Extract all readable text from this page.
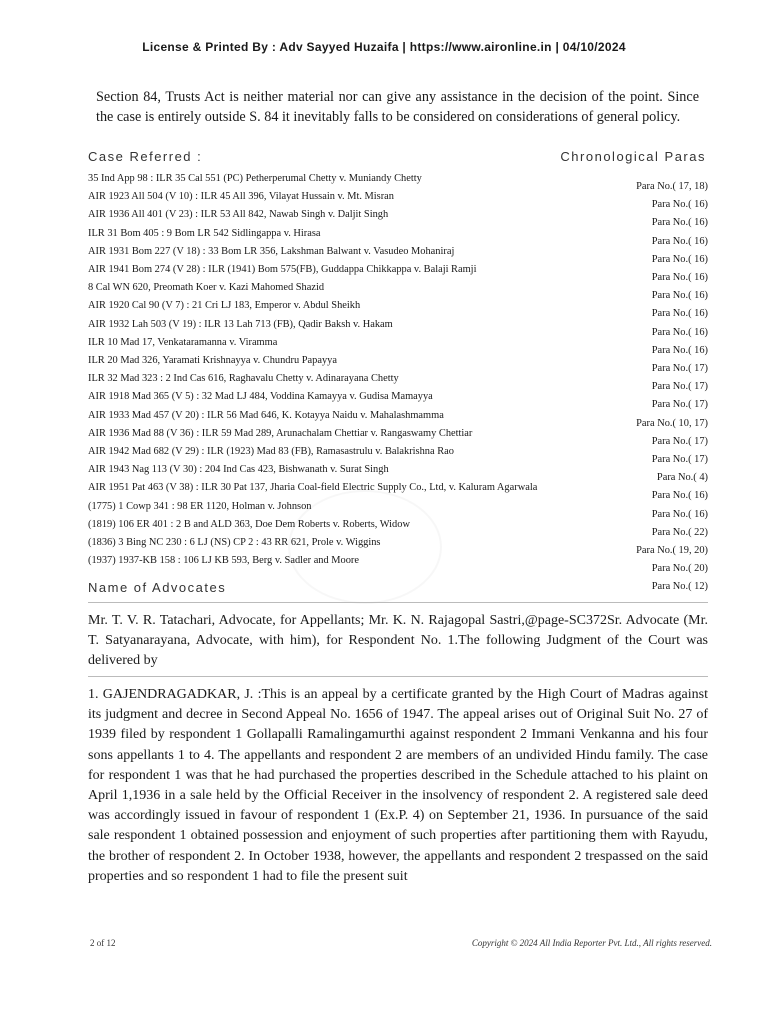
License & Printed By : Adv Sayyed Huzaifa | https://www.aironline.in | 04/10/2024
Section 84, Trusts Act is neither material nor can give any assistance in the decision of the point. Since the case is entirely outside S. 84 it inevitably falls to be considered on considerations of general policy.
Case Referred :	Chronological Paras
35 Ind App 98 : ILR 35 Cal 551 (PC) Petherperumal Chetty v. Muniandy Chetty
AIR 1923 All 504 (V 10) : ILR 45 All 396, Vilayat Hussain v. Mt. Misran
AIR 1936 All 401 (V 23) : ILR 53 All 842, Nawab Singh v. Daljit Singh
ILR 31 Bom 405 : 9 Bom LR 542 Sidlingappa v. Hirasa
AIR 1931 Bom 227 (V 18) : 33 Bom LR 356, Lakshman Balwant v. Vasudeo Mohaniraj
AIR 1941 Bom 274 (V 28) : ILR (1941) Bom 575(FB), Guddappa Chikkappa v. Balaji Ramji
8 Cal WN 620, Preomath Koer v. Kazi Mahomed Shazid
AIR 1920 Cal 90 (V 7) : 21 Cri LJ 183, Emperor v. Abdul Sheikh
AIR 1932 Lah 503 (V 19) : ILR 13 Lah 713 (FB), Qadir Baksh v. Hakam
ILR 10 Mad 17, Venkataramanna v. Viramma
ILR 20 Mad 326, Yaramati Krishnayya v. Chundru Papayya
ILR 32 Mad 323 : 2 Ind Cas 616, Raghavalu Chetty v. Adinarayana Chetty
AIR 1918 Mad 365 (V 5) : 32 Mad LJ 484, Voddina Kamayya v. Gudisa Mamayya
AIR 1933 Mad 457 (V 20) : ILR 56 Mad 646, K. Kotayya Naidu v. Mahalashmamma
AIR 1936 Mad 88 (V 36) : ILR 59 Mad 289, Arunachalam Chettiar v. Rangaswamy Chettiar
AIR 1942 Mad 682 (V 29) : ILR (1923) Mad 83 (FB), Ramasastrulu v. Balakrishna Rao
AIR 1943 Nag 113 (V 30) : 204 Ind Cas 423, Bishwanath v. Surat Singh
AIR 1951 Pat 463 (V 38) : ILR 30 Pat 137, Jharia Coal-field Electric Supply Co., Ltd, v. Kaluram Agarwala
(1775) 1 Cowp 341 : 98 ER 1120, Holman v. Johnson
(1819) 106 ER 401 : 2 B and ALD 363, Doe Dem Roberts v. Roberts, Widow
(1836) 3 Bing NC 230 : 6 LJ (NS) CP 2 : 43 RR 621, Prole v. Wiggins
(1937) 1937-KB 158 : 106 LJ KB 593, Berg v. Sadler and Moore
Para No.( 17, 18)
Para No.( 16)
Para No.( 16)
Para No.( 16)
Para No.( 16)
Para No.( 16)
Para No.( 16)
Para No.( 16)
Para No.( 16)
Para No.( 16)
Para No.( 17)
Para No.( 17)
Para No.( 17)
Para No.( 10, 17)
Para No.( 17)
Para No.( 17)
Para No.( 4)
Para No.( 16)
Para No.( 16)
Para No.( 22)
Para No.( 19, 20)
Para No.( 20)
Para No.( 12)
Name of Advocates
Mr. T. V. R. Tatachari, Advocate, for Appellants; Mr. K. N. Rajagopal Sastri,@page-SC372Sr. Advocate (Mr. T. Satyanarayana, Advocate, with him), for Respondent No. 1.The following Judgment of the Court was delivered by
1. GAJENDRAGADKAR, J. :This is an appeal by a certificate granted by the High Court of Madras against its judgment and decree in Second Appeal No. 1656 of 1947. The appeal arises out of Original Suit No. 27 of 1939 filed by respondent 1 Gollapalli Ramalingamurthi against respondent 2 Immani Venkanna and his four sons appellants 1 to 4. The appellants and respondent 2 are members of an undivided Hindu family. The case for respondent 1 was that he had purchased the properties described in the Schedule attached to his plaint on April 1,1936 in a sale held by the Official Receiver in the insolvency of respondent 2. A registered sale deed was accordingly issued in favour of respondent 1 (Ex.P. 4) on September 21, 1936. In pursuance of the said sale respondent 1 obtained possession and enjoyment of such properties after partitioning them with Rayudu, the brother of respondent 2. In October 1938, however, the appellants and respondent 2 trespassed on the said properties and so respondent 1 had to file the present suit
2 of 12	Copyright © 2024 All India Reporter Pvt. Ltd., All rights reserved.
